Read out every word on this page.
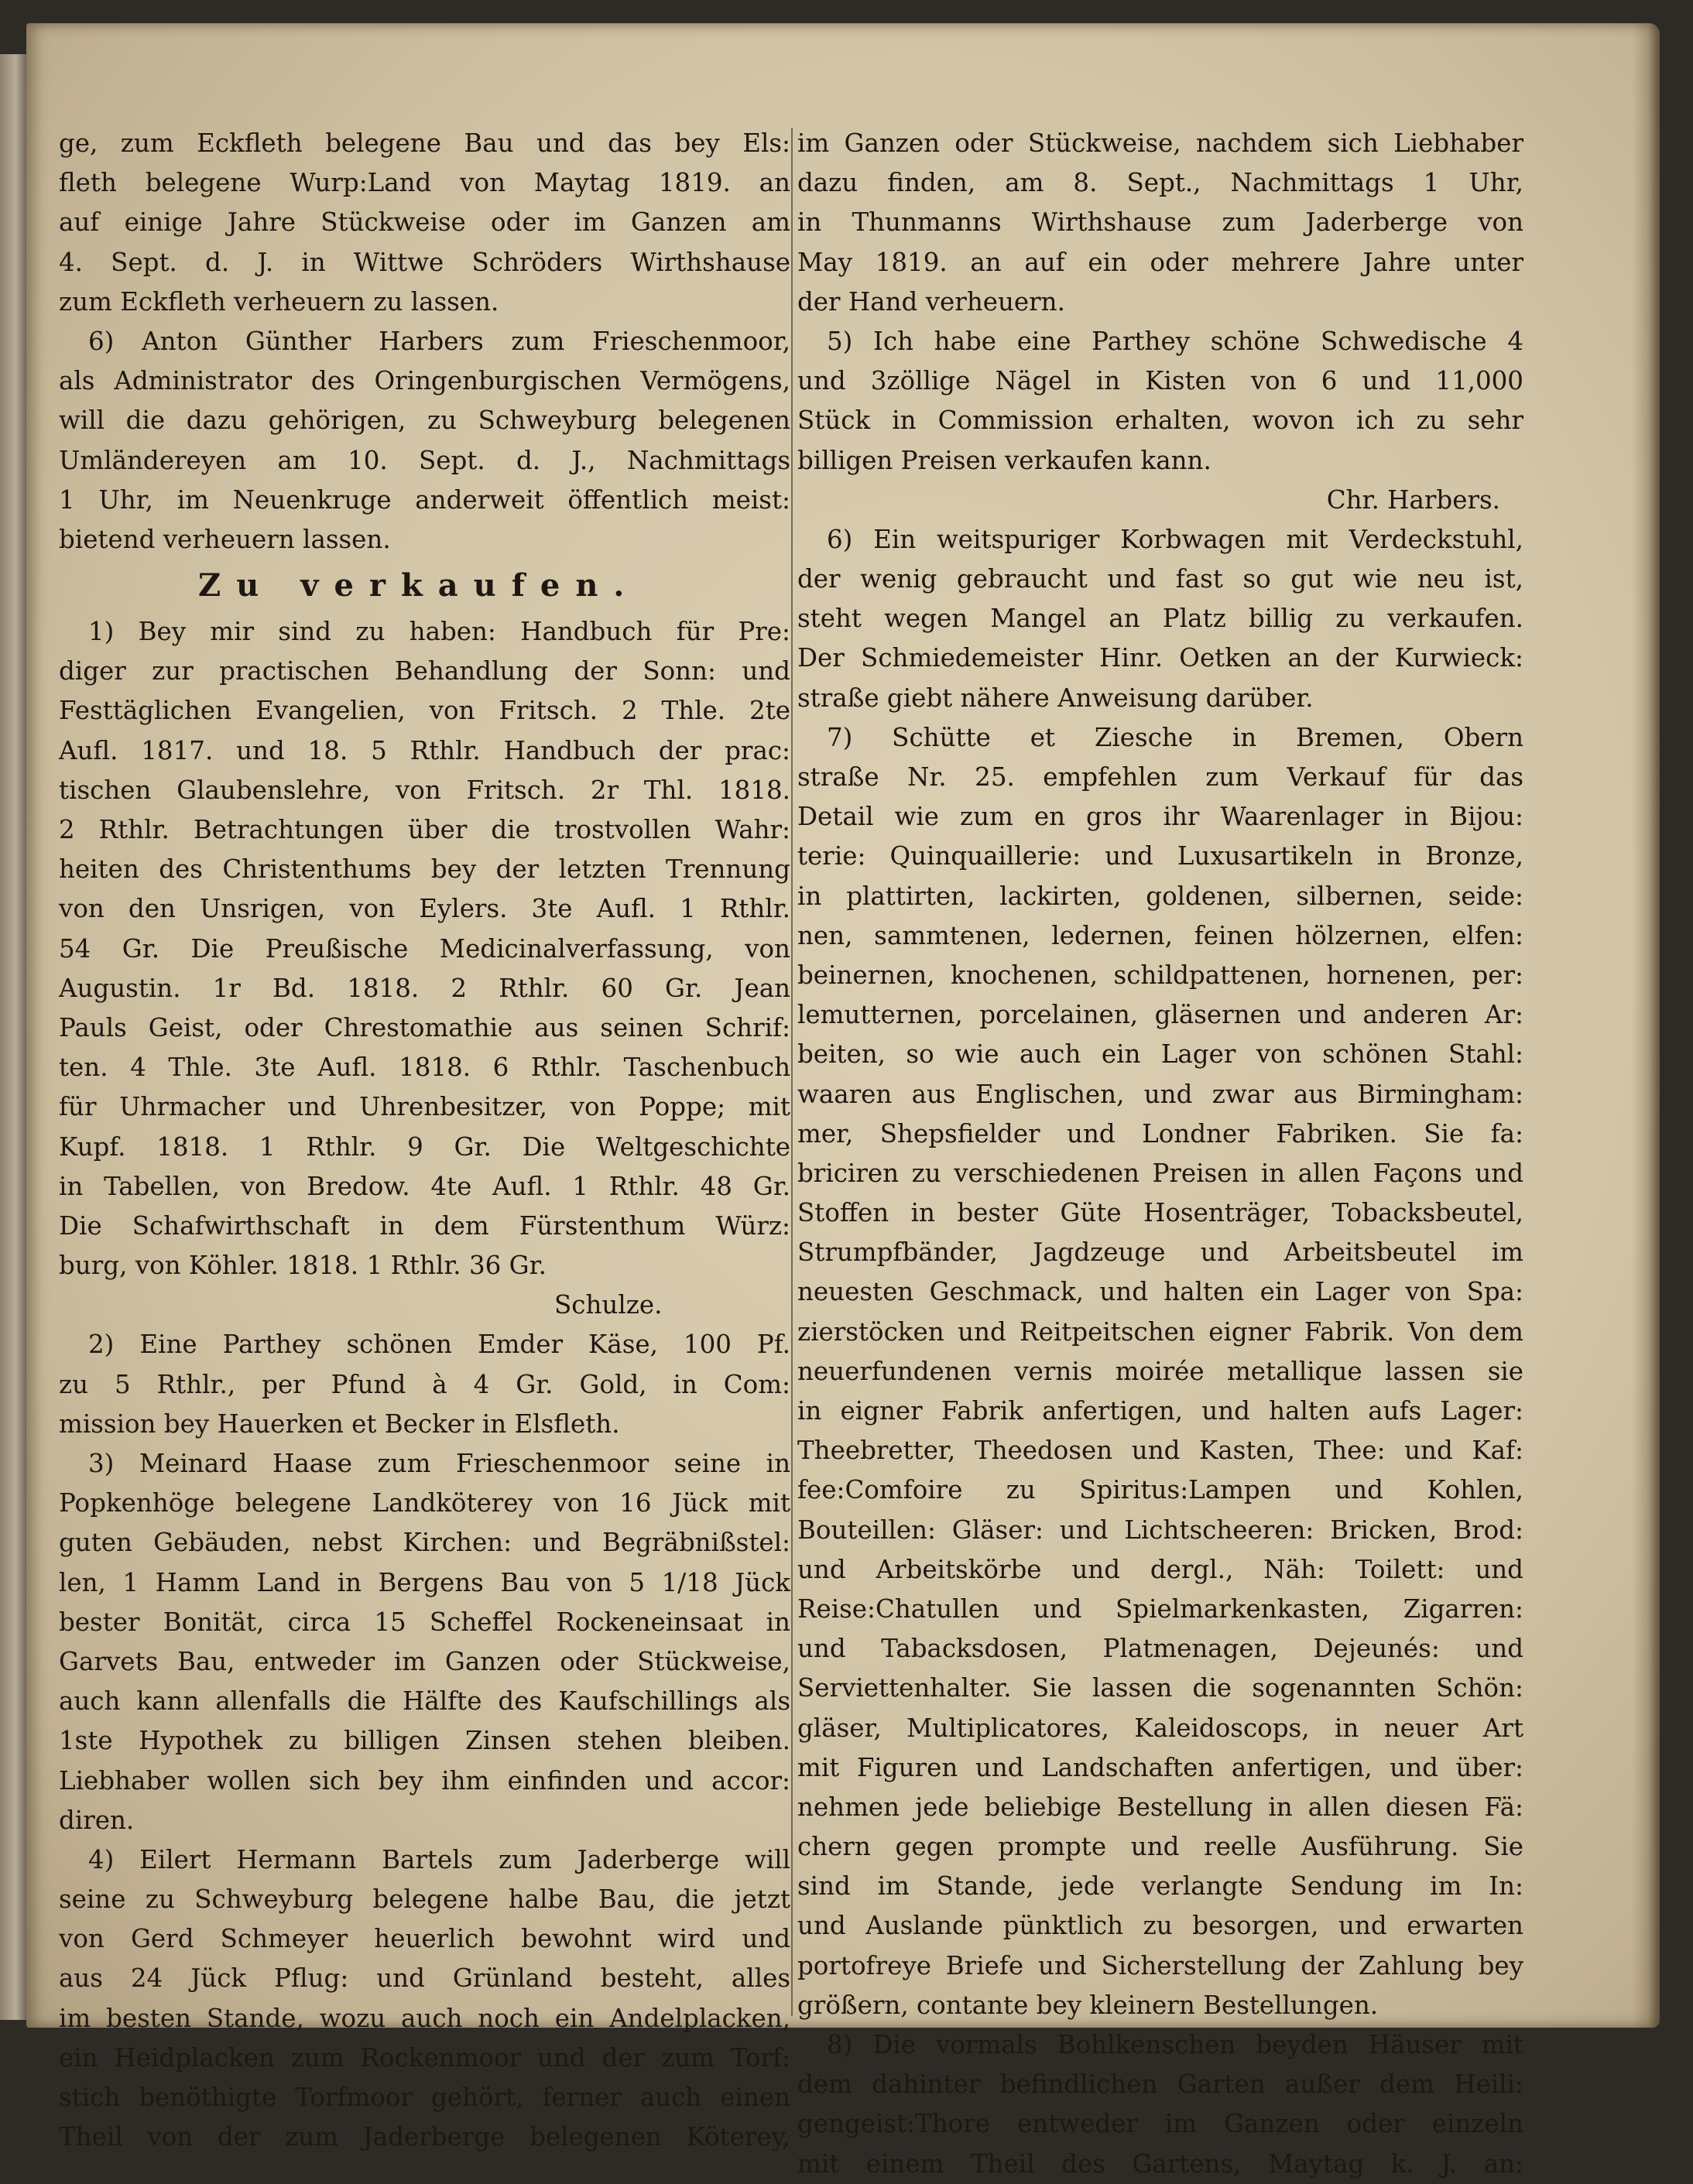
ge, zum Eckfleth belegene Bau und das bey Els:
fleth belegene Wurp:Land von Maytag 1819. an
auf einige Jahre Stückweise oder im Ganzen am
4. Sept. d. J. in Wittwe Schröders Wirthshause
zum Eckfleth verheuern zu lassen.
6) Anton Günther Harbers zum Frieschenmoor,
als Administrator des Oringenburgischen Vermögens,
will die dazu gehörigen, zu Schweyburg belegenen
Umländereyen am 10. Sept. d. J., Nachmittags
1 Uhr, im Neuenkruge anderweit öffentlich meist:
bietend verheuern lassen.
Zu verkaufen.
1) Bey mir sind zu haben: Handbuch für Pre:
diger zur practischen Behandlung der Sonn: und
Festtäglichen Evangelien, von Fritsch. 2 Thle. 2te
Aufl. 1817. und 18. 5 Rthlr. Handbuch der prac:
tischen Glaubenslehre, von Fritsch. 2r Thl. 1818.
2 Rthlr. Betrachtungen über die trostvollen Wahr:
heiten des Christenthums bey der letzten Trennung
von den Unsrigen, von Eylers. 3te Aufl. 1 Rthlr.
54 Gr. Die Preußische Medicinalverfassung, von
Augustin. 1r Bd. 1818. 2 Rthlr. 60 Gr. Jean
Pauls Geist, oder Chrestomathie aus seinen Schrif:
ten. 4 Thle. 3te Aufl. 1818. 6 Rthlr. Taschenbuch
für Uhrmacher und Uhrenbesitzer, von Poppe; mit
Kupf. 1818. 1 Rthlr. 9 Gr. Die Weltgeschichte
in Tabellen, von Bredow. 4te Aufl. 1 Rthlr. 48 Gr.
Die Schafwirthschaft in dem Fürstenthum Würz:
burg, von Köhler. 1818. 1 Rthlr. 36 Gr.
Schulze.
2) Eine Parthey schönen Emder Käse, 100 Pf.
zu 5 Rthlr., per Pfund à 4 Gr. Gold, in Com:
mission bey Hauerken et Becker in Elsfleth.
3) Meinard Haase zum Frieschenmoor seine in
Popkenhöge belegene Landköterey von 16 Jück mit
guten Gebäuden, nebst Kirchen: und Begräbnißstel:
len, 1 Hamm Land in Bergens Bau von 5 1/18 Jück
bester Bonität, circa 15 Scheffel Rockeneinsaat in
Garvets Bau, entweder im Ganzen oder Stückweise,
auch kann allenfalls die Hälfte des Kaufschillings als
1ste Hypothek zu billigen Zinsen stehen bleiben.
Liebhaber wollen sich bey ihm einfinden und accor:
diren.
4) Eilert Hermann Bartels zum Jaderberge will
seine zu Schweyburg belegene halbe Bau, die jetzt
von Gerd Schmeyer heuerlich bewohnt wird und
aus 24 Jück Pflug: und Grünland besteht, alles
im besten Stande, wozu auch noch ein Andelplacken,
ein Heidplacken zum Rockenmoor und der zum Torf:
stich benöthigte Torfmoor gehört, ferner auch einen
Theil von der zum Jaderberge belegenen Köterey,
im Ganzen oder Stückweise, nachdem sich Liebhaber
dazu finden, am 8. Sept., Nachmittags 1 Uhr,
in Thunmanns Wirthshause zum Jaderberge von
May 1819. an auf ein oder mehrere Jahre unter
der Hand verheuern.
5) Ich habe eine Parthey schöne Schwedische 4
und 3zöllige Nägel in Kisten von 6 und 11,000
Stück in Commission erhalten, wovon ich zu sehr
billigen Preisen verkaufen kann.
Chr. Harbers.
6) Ein weitspuriger Korbwagen mit Verdeckstuhl,
der wenig gebraucht und fast so gut wie neu ist,
steht wegen Mangel an Platz billig zu verkaufen.
Der Schmiedemeister Hinr. Oetken an der Kurwieck:
straße giebt nähere Anweisung darüber.
7) Schütte et Ziesche in Bremen, Obern
straße Nr. 25. empfehlen zum Verkauf für das
Detail wie zum en gros ihr Waarenlager in Bijou:
terie: Quinquaillerie: und Luxusartikeln in Bronze,
in plattirten, lackirten, goldenen, silbernen, seide:
nen, sammtenen, ledernen, feinen hölzernen, elfen:
beinernen, knochenen, schildpattenen, hornenen, per:
lemutternen, porcelainen, gläsernen und anderen Ar:
beiten, so wie auch ein Lager von schönen Stahl:
waaren aus Englischen, und zwar aus Birmingham:
mer, Shepsfielder und Londner Fabriken. Sie fa:
briciren zu verschiedenen Preisen in allen Façons und
Stoffen in bester Güte Hosenträger, Tobacksbeutel,
Strumpfbänder, Jagdzeuge und Arbeitsbeutel im
neuesten Geschmack, und halten ein Lager von Spa:
zierstöcken und Reitpeitschen eigner Fabrik. Von dem
neuerfundenen vernis moirée metallique lassen sie
in eigner Fabrik anfertigen, und halten aufs Lager:
Theebretter, Theedosen und Kasten, Thee: und Kaf:
fee:Comfoire zu Spiritus:Lampen und Kohlen,
Bouteillen: Gläser: und Lichtscheeren: Bricken, Brod:
und Arbeitskörbe und dergl., Näh: Toilett: und
Reise:Chatullen und Spielmarkenkasten, Zigarren:
und Tabacksdosen, Platmenagen, Dejeunés: und
Serviettenhalter. Sie lassen die sogenannten Schön:
gläser, Multiplicatores, Kaleidoscops, in neuer Art
mit Figuren und Landschaften anfertigen, und über:
nehmen jede beliebige Bestellung in allen diesen Fä:
chern gegen prompte und reelle Ausführung. Sie
sind im Stande, jede verlangte Sendung im In:
und Auslande pünktlich zu besorgen, und erwarten
portofreye Briefe und Sicherstellung der Zahlung bey
größern, contante bey kleinern Bestellungen.
8) Die vormals Bohlkenschen beyden Häuser mit
dem dahinter befindlichen Garten außer dem Heili:
gengeist:Thore entweder im Ganzen oder einzeln
mit einem Theil des Gartens, Maytag k. J. an:
